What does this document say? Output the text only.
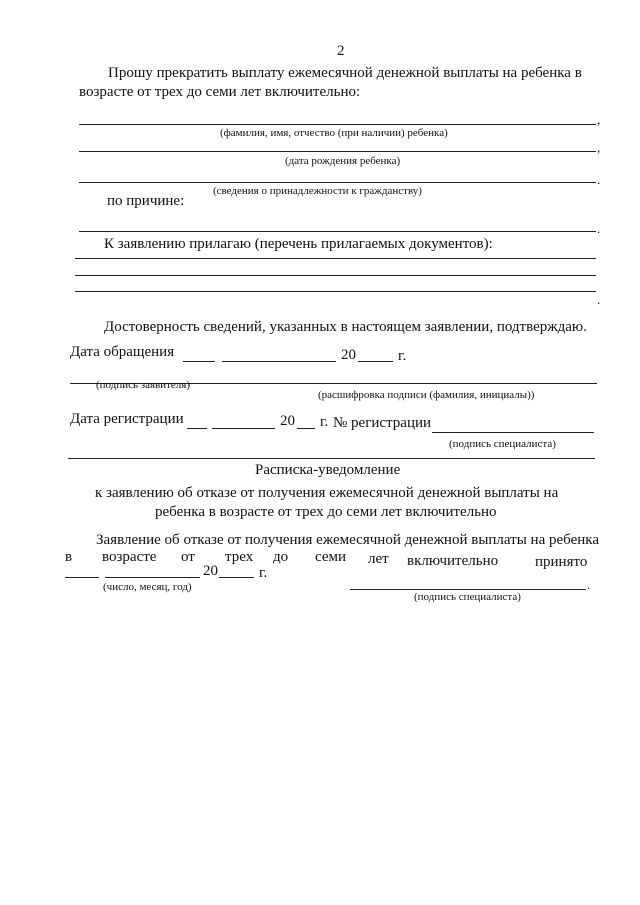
2
Прошу прекратить выплату ежемесячной денежной выплаты на ребенка в
возрасте от трех до семи лет включительно:
,
(фамилия, имя, отчество (при наличии) ребенка)
,
(дата рождения ребенка)
.
(сведения о принадлежности к гражданству)
по причине:
.
К заявлению прилагаю (перечень прилагаемых документов):
.
Достоверность сведений, указанных в настоящем заявлении, подтверждаю.
Дата обращения	20	г.
(подпись заявителя)
(расшифровка подписи (фамилия, инициалы))
Дата регистрации	20 г. № регистрации
(подпись специалиста)
Расписка-уведомление
к заявлению об отказе от получения ежемесячной денежной выплаты на
ребенка в возрасте от трех до семи лет включительно
Заявление об отказе от получения ежемесячной денежной выплаты на ребенка
в возрасте от трех до семи лет включительно принято
20	г.
.
(число, месяц, год)
(подпись специалиста)
